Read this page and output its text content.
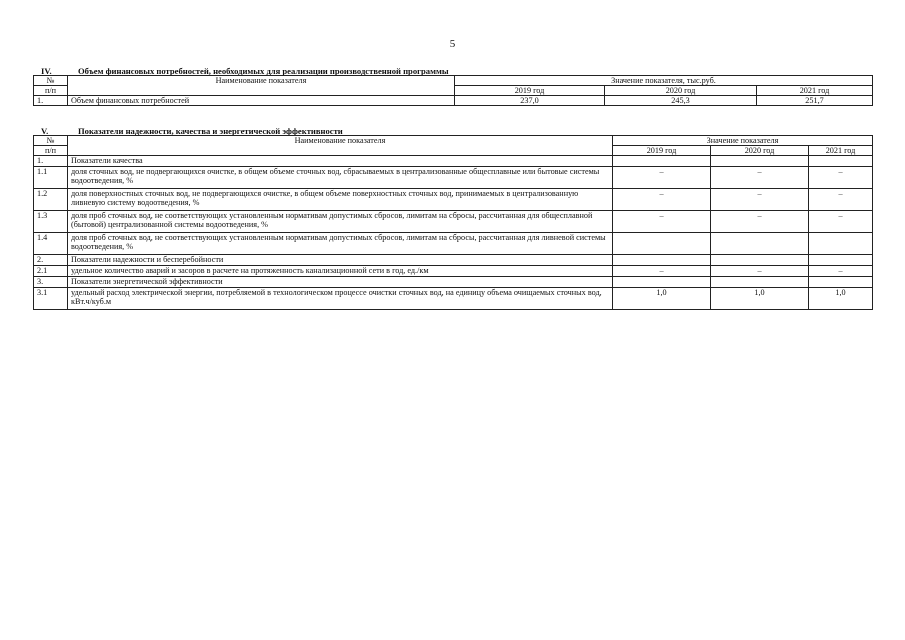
5
IV.	Объем финансовых потребностей, необходимых для реализации производственной программы
№	Наименование показателя	Значение показателя, тыс.руб.		
п/п		2019 год	2020 год	2021 год
1.	Объем финансовых потребностей	237,0	245,3	251,7
V.	Показатели надежности, качества и энергетической эффективности
№	Наименование показателя	Значение показателя		
п/п		2019 год	2020 год	2021 год
1.	Показатели качества			
1.1	доля сточных вод, не подвергающихся очистке, в общем объеме сточных вод, сбрасываемых в централизованные общесплавные или бытовые системы водоотведения, %	–	–	–
1.2	доля поверхностных сточных вод, не подвергающихся очистке, в общем объеме поверхностных сточных вод, принимаемых в централизованную ливневую систему водоотведения, %	–	–	–
1.3	доля проб сточных вод, не соответствующих установленным нормативам допустимых сбросов, лимитам на сбросы, рассчитанная для общесплавной (бытовой) централизованной системы водоотведения, %	–	–	–
1.4	доля проб сточных вод, не соответствующих установленным нормативам допустимых сбросов, лимитам на сбросы, рассчитанная для ливневой системы водоотведения, %			
2.	Показатели надежности и бесперебойности			
2.1	удельное количество аварий и засоров в расчете на протяженность канализационной сети в год, ед./км	–	–	–
3.	Показатели энергетической эффективности			
3.1	удельный расход электрической энергии, потребляемой в технологическом процессе очистки сточных вод, на единицу объема очищаемых сточных вод, кВт.ч/куб.м	1,0	1,0	1,0
